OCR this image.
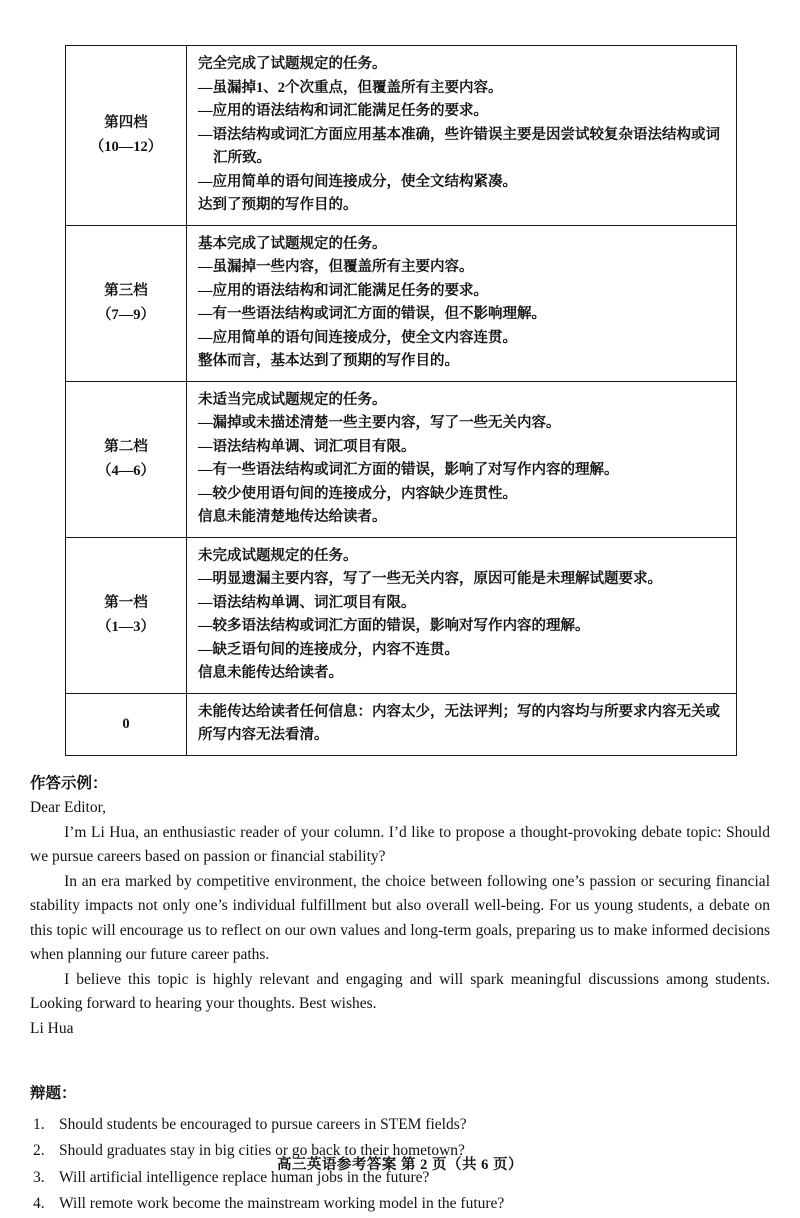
第四档
（10—12）

完全完成了试题规定的任务。
—虽漏掉1、2个次重点，但覆盖所有主要内容。
—应用的语法结构和词汇能满足任务的要求。
—语法结构或词汇方面应用基本准确，些许错误主要是因尝试较复杂语法结构或词汇所致。
—应用简单的语句间连接成分，使全文结构紧凑。
达到了预期的写作目的。

第三档
（7—9）

基本完成了试题规定的任务。
—虽漏掉一些内容，但覆盖所有主要内容。
—应用的语法结构和词汇能满足任务的要求。
—有一些语法结构或词汇方面的错误，但不影响理解。
—应用简单的语句间连接成分，使全文内容连贯。
整体而言，基本达到了预期的写作目的。

第二档
（4—6）

未适当完成试题规定的任务。
—漏掉或未描述清楚一些主要内容，写了一些无关内容。
—语法结构单调、词汇项目有限。
—有一些语法结构或词汇方面的错误，影响了对写作内容的理解。
—较少使用语句间的连接成分，内容缺少连贯性。
信息未能清楚地传达给读者。

第一档
（1—3）

未完成试题规定的任务。
—明显遗漏主要内容，写了一些无关内容，原因可能是未理解试题要求。
—语法结构单调、词汇项目有限。
—较多语法结构或词汇方面的错误，影响对写作内容的理解。
—缺乏语句间的连接成分，内容不连贯。
信息未能传达给读者。

0	未能传达给读者任何信息：内容太少，无法评判；写的内容均与所要求内容无关或所写内容无法看清。

作答示例：

Dear Editor,

I’m Li Hua, an enthusiastic reader of your column. I’d like to propose a thought-provoking debate topic: Should we pursue careers based on passion or financial stability?

In an era marked by competitive environment, the choice between following one’s passion or securing financial stability impacts not only one’s individual fulfillment but also overall well-being. For us young students, a debate on this topic will encourage us to reflect on our own values and long-term goals, preparing us to make informed decisions when planning our future career paths.

I believe this topic is highly relevant and engaging and will spark meaningful discussions among students. Looking forward to hearing your thoughts. Best wishes.

Li Hua

辩题：

1. Should students be encouraged to pursue careers in STEM fields?
2. Should graduates stay in big cities or go back to their hometown?
3. Will artificial intelligence replace human jobs in the future?
4. Will remote work become the mainstream working model in the future?
高三英语参考答案 第 2 页（共 6 页）
